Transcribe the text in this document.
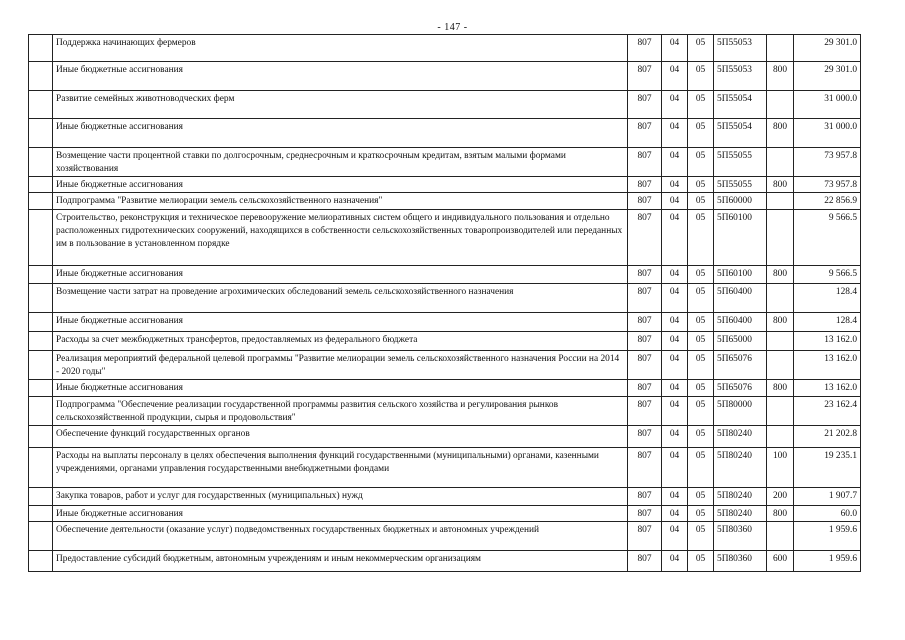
- 147 -
	Поддержка начинающих фермеров	807	04	05	5П55053		29 301.0
	Иные бюджетные ассигнования	807	04	05	5П55053	800	29 301.0
	Развитие семейных животноводческих ферм	807	04	05	5П55054		31 000.0
	Иные бюджетные ассигнования	807	04	05	5П55054	800	31 000.0
	Возмещение части процентной ставки по долгосрочным, среднесрочным и краткосрочным кредитам, взятым малыми формами хозяйствования	807	04	05	5П55055		73 957.8
	Иные бюджетные ассигнования	807	04	05	5П55055	800	73 957.8
	Подпрограмма "Развитие мелиорации земель сельскохозяйственного назначения"	807	04	05	5П60000		22 856.9
	Строительство, реконструкция и техническое перевооружение мелиоративных систем общего и индивидуального пользования и отдельно расположенных гидротехнических сооружений, находящихся в собственности сельскохозяйственных товаропроизводителей или переданных им в пользование в установленном порядке	807	04	05	5П60100		9 566.5
	Иные бюджетные ассигнования	807	04	05	5П60100	800	9 566.5
	Возмещение части затрат на проведение агрохимических обследований земель сельскохозяйственного назначения	807	04	05	5П60400		128.4
	Иные бюджетные ассигнования	807	04	05	5П60400	800	128.4
	Расходы за счет межбюджетных трансфертов, предоставляемых из федерального бюджета	807	04	05	5П65000		13 162.0
	Реализация мероприятий федеральной целевой программы "Развитие мелиорации земель сельскохозяйственного назначения России на 2014 - 2020 годы"	807	04	05	5П65076		13 162.0
	Иные бюджетные ассигнования	807	04	05	5П65076	800	13 162.0
	Подпрограмма "Обеспечение реализации государственной программы развития сельского хозяйства и регулирования рынков сельскохозяйственной продукции, сырья и продовольствия"	807	04	05	5П80000		23 162.4
	Обеспечение функций государственных органов	807	04	05	5П80240		21 202.8
	Расходы на выплаты персоналу в целях обеспечения выполнения функций государственными (муниципальными) органами, казенными учреждениями, органами управления государственными внебюджетными фондами	807	04	05	5П80240	100	19 235.1
	Закупка товаров, работ и услуг для государственных (муниципальных) нужд	807	04	05	5П80240	200	1 907.7
	Иные бюджетные ассигнования	807	04	05	5П80240	800	60.0
	Обеспечение деятельности (оказание услуг) подведомственных государственных бюджетных и автономных учреждений	807	04	05	5П80360		1 959.6
	Предоставление субсидий бюджетным, автономным учреждениям и иным некоммерческим организациям	807	04	05	5П80360	600	1 959.6
